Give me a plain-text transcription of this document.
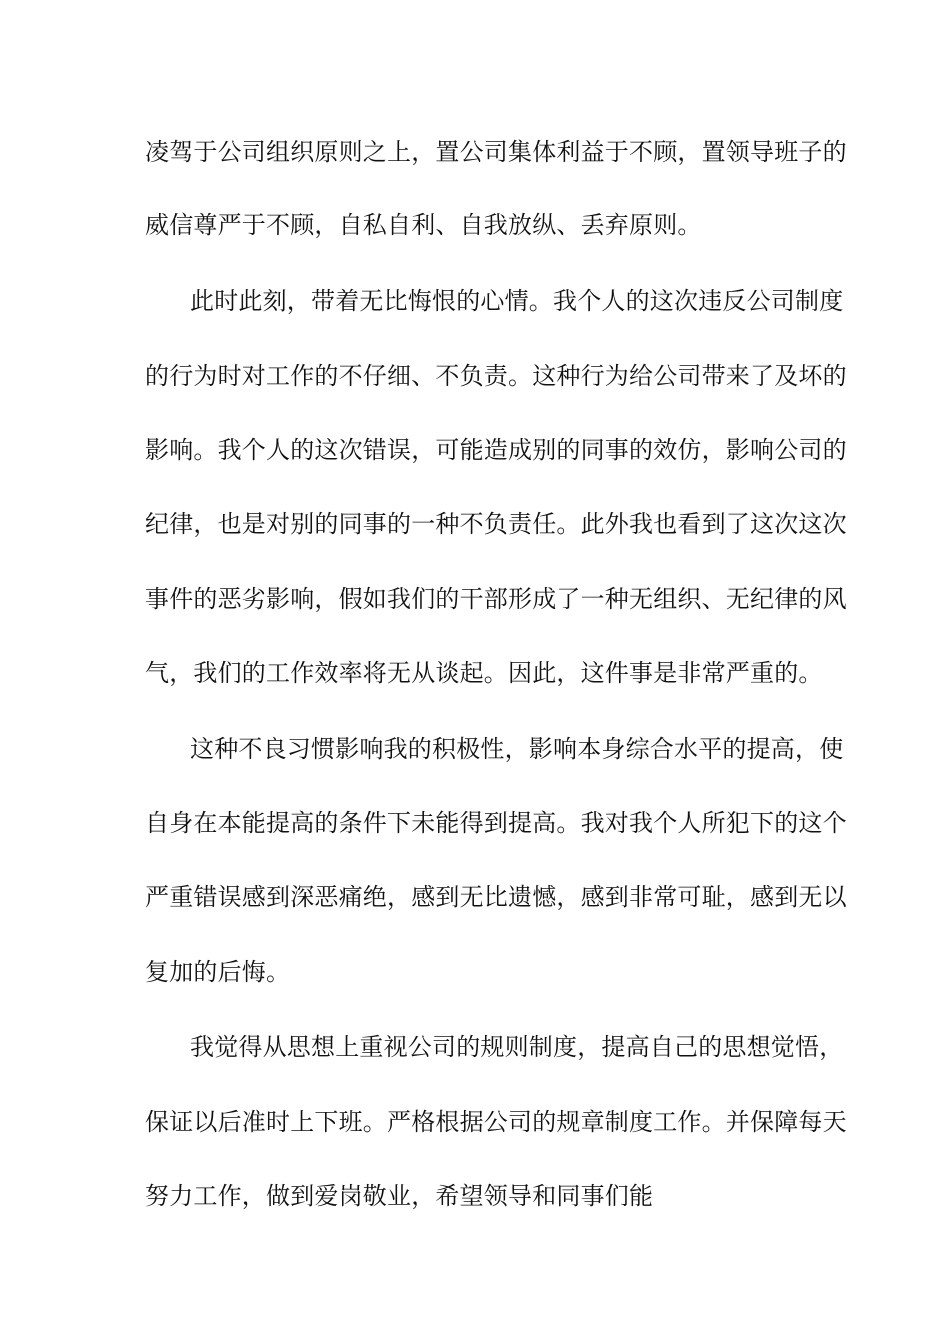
凌驾于公司组织原则之上，置公司集体利益于不顾，置领导班子的

威信尊严于不顾，自私自利、自我放纵、丢弃原则。

此时此刻，带着无比悔恨的心情。我个人的这次违反公司制度

的行为时对工作的不仔细、不负责。这种行为给公司带来了及坏的

影响。我个人的这次错误，可能造成别的同事的效仿，影响公司的

纪律，也是对别的同事的一种不负责任。此外我也看到了这次这次

事件的恶劣影响，假如我们的干部形成了一种无组织、无纪律的风

气，我们的工作效率将无从谈起。因此，这件事是非常严重的。

这种不良习惯影响我的积极性，影响本身综合水平的提高，使

自身在本能提高的条件下未能得到提高。我对我个人所犯下的这个

严重错误感到深恶痛绝，感到无比遗憾，感到非常可耻，感到无以

复加的后悔。

我觉得从思想上重视公司的规则制度，提高自己的思想觉悟，

保证以后准时上下班。严格根据公司的规章制度工作。并保障每天

努力工作，做到爱岗敬业，希望领导和同事们能
